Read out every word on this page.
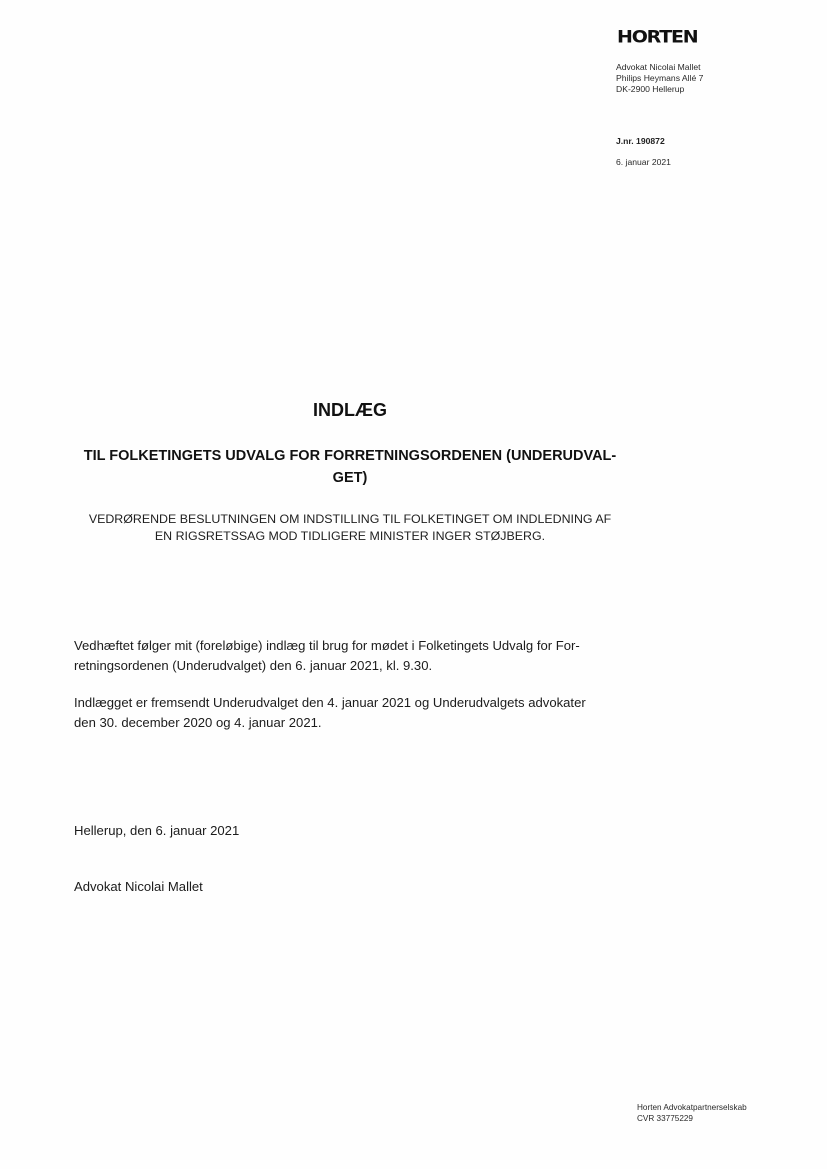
HORTEN
Advokat Nicolai Mallet
Philips Heymans Allé 7
DK-2900 Hellerup
J.nr. 190872
6. januar 2021
INDLÆG
TIL FOLKETINGETS UDVALG FOR FORRETNINGSORDENEN (UNDERUDVAL-
GET)
VEDRØRENDE BESLUTNINGEN OM INDSTILLING TIL FOLKETINGET OM INDLEDNING AF
EN RIGSRETSSAG MOD TIDLIGERE MINISTER INGER STØJBERG.
Vedhæftet følger mit (foreløbige) indlæg til brug for mødet i Folketingets Udvalg for For-
retningsordenen (Underudvalget) den 6. januar 2021, kl. 9.30.
Indlægget er fremsendt Underudvalget den 4. januar 2021 og Underudvalgets advokater
den 30. december 2020 og 4. januar 2021.
Hellerup, den 6. januar 2021
Advokat Nicolai Mallet
Horten Advokatpartnerselskab
CVR 33775229
